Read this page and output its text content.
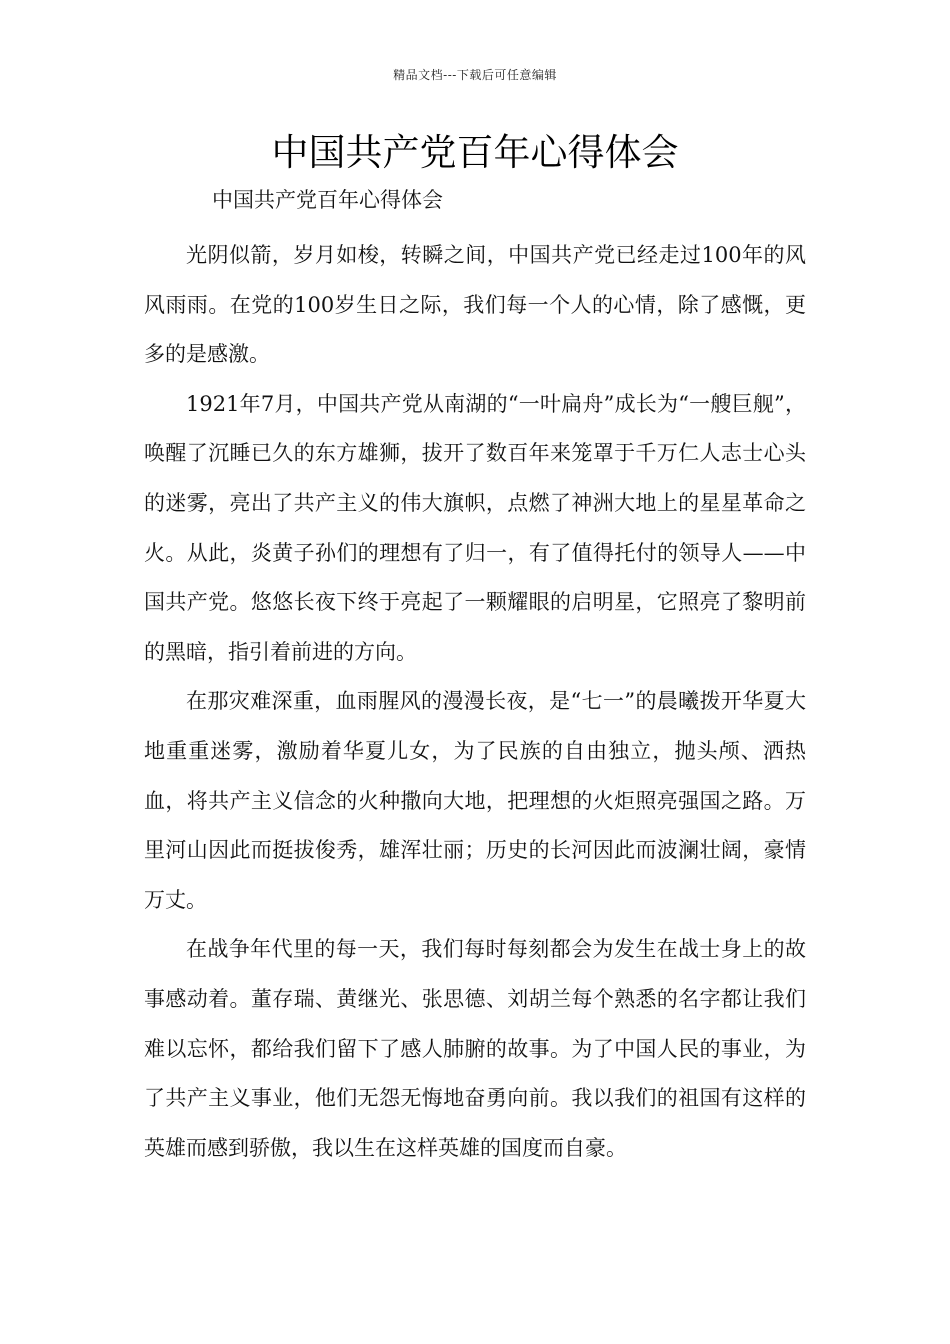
精品文档---下载后可任意编辑
中国共产党百年心得体会

中国共产党百年心得体会

光阴似箭，岁月如梭，转瞬之间，中国共产党已经走过100年的风风雨雨。在党的100岁生日之际，我们每一个人的心情，除了感慨，更多的是感激。

1921年7月，中国共产党从南湖的“一叶扁舟”成长为“一艘巨舰”，唤醒了沉睡已久的东方雄狮，拔开了数百年来笼罩于千万仁人志士心头的迷雾，亮出了共产主义的伟大旗帜，点燃了神洲大地上的星星革命之火。从此，炎黄子孙们的理想有了归一，有了值得托付的领导人——中国共产党。悠悠长夜下终于亮起了一颗耀眼的启明星，它照亮了黎明前的黑暗，指引着前进的方向。

在那灾难深重，血雨腥风的漫漫长夜，是“七一”的晨曦拨开华夏大地重重迷雾，激励着华夏儿女，为了民族的自由独立，抛头颅、洒热血，将共产主义信念的火种撒向大地，把理想的火炬照亮强国之路。万里河山因此而挺拔俊秀，雄浑壮丽；历史的长河因此而波澜壮阔，豪情万丈。

在战争年代里的每一天，我们每时每刻都会为发生在战士身上的故事感动着。董存瑞、黄继光、张思德、刘胡兰每个熟悉的名字都让我们难以忘怀，都给我们留下了感人肺腑的故事。为了中国人民的事业，为了共产主义事业，他们无怨无悔地奋勇向前。我以我们的祖国有这样的英雄而感到骄傲，我以生在这样英雄的国度而自豪。
